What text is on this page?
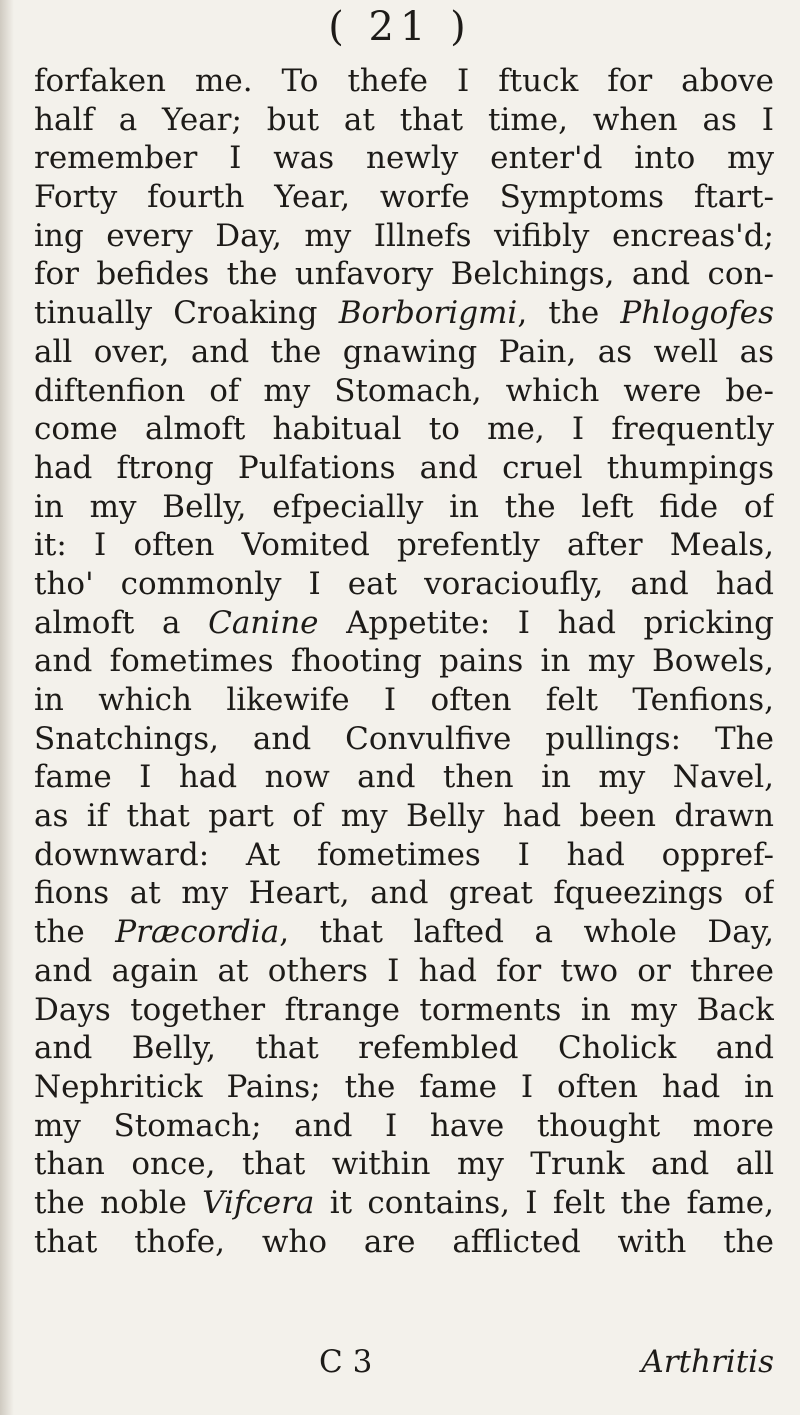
( 21 )
forfaken me. To thefe I ftuck for above
half a Year; but at that time, when as I
remember I was newly enter'd into my
Forty fourth Year, worfe Symptoms ftart-
ing every Day, my Illnefs vifibly encreas'd;
for befides the unfavory Belchings, and con-
tinually Croaking Borborigmi, the Phlogofes
all over, and the gnawing Pain, as well as
diftenfion of my Stomach, which were be-
come almoft habitual to me, I frequently
had ftrong Pulfations and cruel thumpings
in my Belly, efpecially in the left fide of
it: I often Vomited prefently after Meals,
tho' commonly I eat voracioufly, and had
almoft a Canine Appetite: I had pricking
and fometimes fhooting pains in my Bowels,
in which likewife I often felt Tenfions,
Snatchings, and Convulfive pullings: The
fame I had now and then in my Navel,
as if that part of my Belly had been drawn
downward: At fometimes I had oppref-
fions at my Heart, and great fqueezings of
the Præcordia, that lafted a whole Day,
and again at others I had for two or three
Days together ftrange torments in my Back
and Belly, that refembled Cholick and
Nephritick Pains; the fame I often had in
my Stomach; and I have thought more
than once, that within my Trunk and all
the noble Vifcera it contains, I felt the fame,
that thofe, who are afflicted with the
C 3	Arthritis
